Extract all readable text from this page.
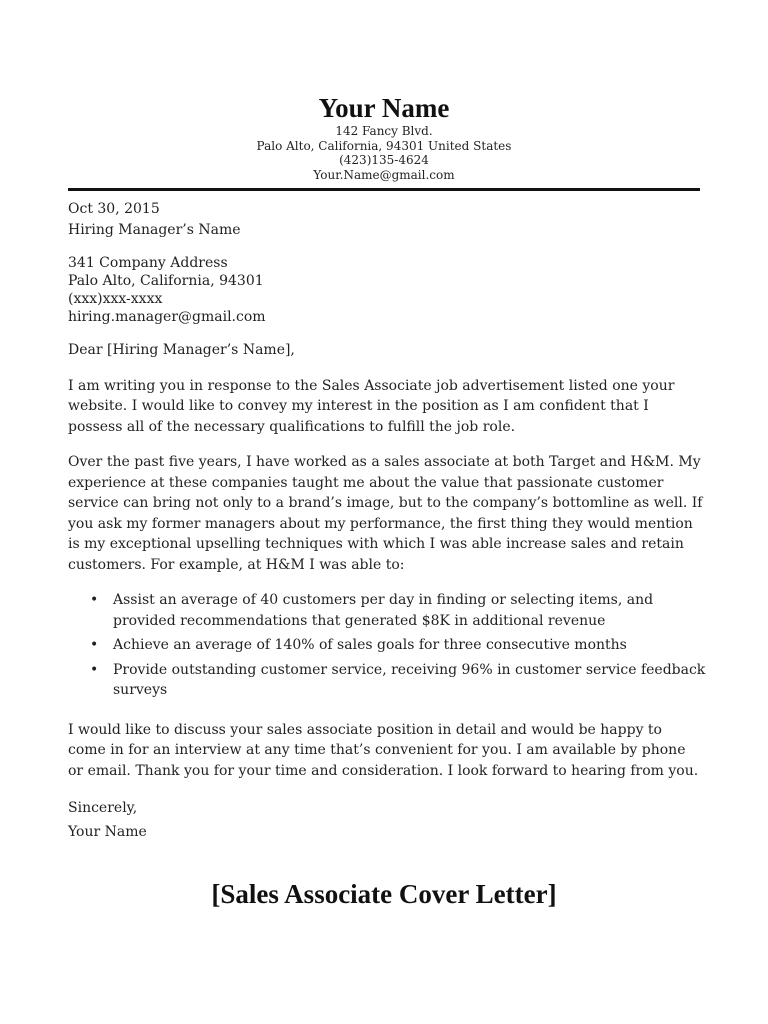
Your Name
142 Fancy Blvd.
Palo Alto, California, 94301 United States
(423)135-4624
Your.Name@gmail.com
Oct 30, 2015
Hiring Manager’s Name
341 Company Address
Palo Alto, California, 94301
(xxx)xxx-xxxx
hiring.manager@gmail.com
Dear [Hiring Manager’s Name],

I am writing you in response to the Sales Associate job advertisement listed one your
website. I would like to convey my interest in the position as I am confident that I
possess all of the necessary qualifications to fulfill the job role.

Over the past five years, I have worked as a sales associate at both Target and H&M. My
experience at these companies taught me about the value that passionate customer
service can bring not only to a brand’s image, but to the company’s bottomline as well. If
you ask my former managers about my performance, the first thing they would mention
is my exceptional upselling techniques with which I was able increase sales and retain
customers. For example, at H&M I was able to:

• Assist an average of 40 customers per day in finding or selecting items, and
provided recommendations that generated $8K in additional revenue
• Achieve an average of 140% of sales goals for three consecutive months
• Provide outstanding customer service, receiving 96% in customer service feedback
surveys

I would like to discuss your sales associate position in detail and would be happy to
come in for an interview at any time that’s convenient for you. I am available by phone
or email. Thank you for your time and consideration. I look forward to hearing from you.

Sincerely,
Your Name
[Sales Associate Cover Letter]
